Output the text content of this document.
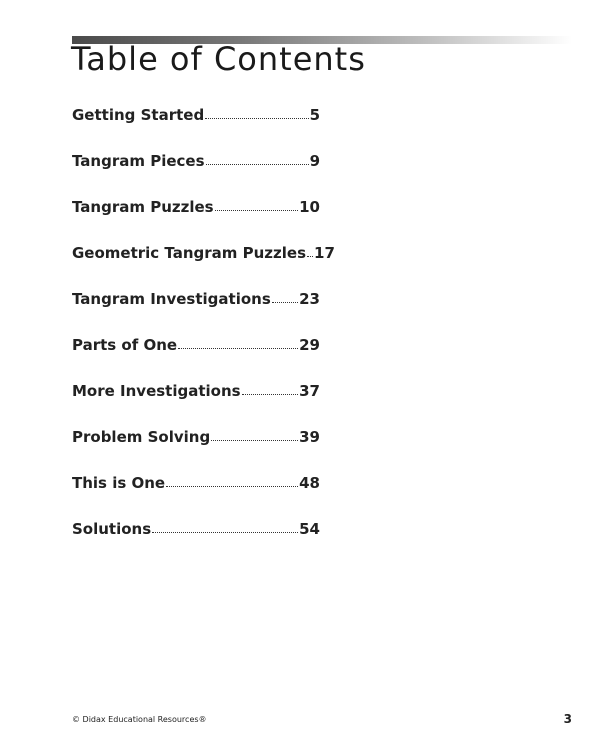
Table of Contents
Getting Started	5
Tangram Pieces	9
Tangram Puzzles	10
Geometric Tangram Puzzles 17
Tangram Investigations 23
Parts of One	29
More Investigations	37
Problem Solving	39
This is One	48
Solutions	54
© Didax Educational Resources®	3
